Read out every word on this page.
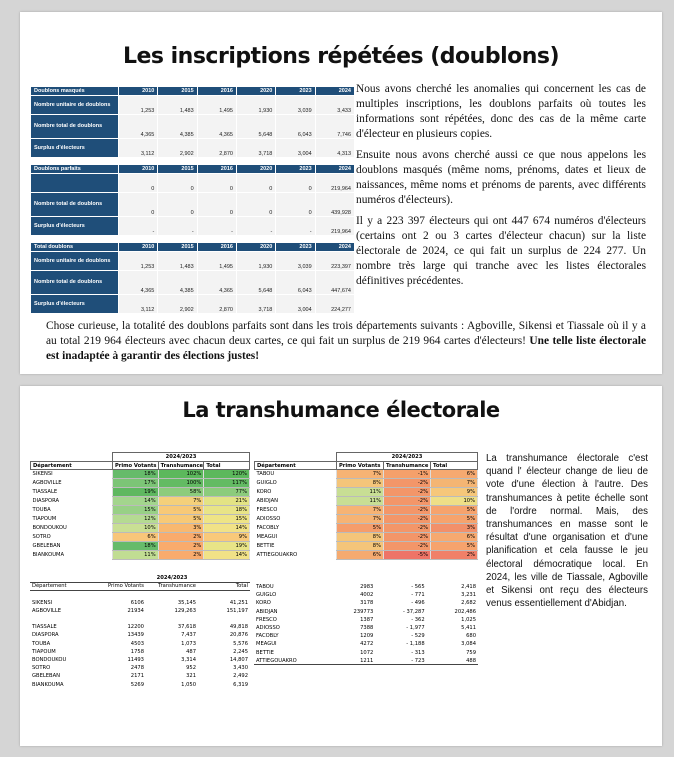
Les inscriptions répétées (doublons)
Doublons masqués	2010	2015	2016	2020	2023	2024
Nombre unitaire de doublons	1,253	1,483	1,495	1,930	3,039	3,433
Nombre total de doublons	4,365	4,385	4,365	5,648	6,043	7,746
Surplus d'électeurs	3,112	2,902	2,870	3,718	3,004	4,313
Doublons parfaits	2010	2015	2016	2020	2023	2024
	0	0	0	0	0	219,964
Nombre total de doublons	0	0	0	0	0	439,928
Surplus d'électeurs	-	-	-	-	-	219,964
Total doublons	2010	2015	2016	2020	2023	2024
Nombre unitaire de doublons	1,253	1,483	1,495	1,930	3,039	223,397
Nombre total de doublons	4,365	4,385	4,365	5,648	6,043	447,674
Surplus d'électeurs	3,112	2,902	2,870	3,718	3,004	224,277

Nous avons cherché les anomalies qui concernent les cas de multiples inscriptions, les doublons parfaits où toutes les informations sont répétées, donc des cas de la même carte d'électeur en plusieurs copies.

Ensuite nous avons cherché aussi ce que nous appelons les doublons masqués (même noms, prénoms, dates et lieux de naissances, même noms et prénoms de parents, avec différents numéros d'électeurs).

Il y a 223 397 électeurs qui ont 447 674 numéros d'électeurs (certains ont 2 ou 3 cartes d'électeur chacun) sur la liste électorale de 2024, ce qui fait un surplus de 224 277. Un nombre très large qui tranche avec les listes électorales définitives précédentes.

Chose curieuse, la totalité des doublons parfaits sont dans les trois départements suivants : Agboville, Sikensi et Tiassale où il y a au total 219 964 électeurs avec chacun deux cartes, ce qui fait un surplus de 219 964 cartes d'électeurs! Une telle liste électorale est inadaptée à garantir des élections justes!
La transhumance électorale
	2024/2023		
Département	Primo Votants	Transhumance	Total
SIKENSI	18%	102%	120%
AGBOVILLE	17%	100%	117%
TIASSALE	19%	58%	77%
DIASPORA	14%	7%	21%
TOUBA	15%	5%	18%
TIAPOUM	12%	5%	15%
BONDOUKOU	10%	3%	14%
SOTRO	6%	2%	9%
GBELEBAN	18%	2%	19%
BIANKOUMA	11%	2%	14%
	2024/2023		
Département	Primo Votants	Transhumance	Total
TABOU	7%	-1%	6%
GUIGLO	8%	-2%	7%
KORO	11%	-2%	9%
ABIDJAN	11%	-2%	10%
FRESCO	7%	-2%	5%
ADIOSSO	7%	-2%	5%
FACOBLY	5%	-2%	3%
MEAGUI	8%	-2%	6%
BETTIE	8%	-2%	5%
ATTIEGOUAKRO	6%	-5%	2%
	2024/2023		
Département	Primo Votants	Transhumance	Total

SIKENSI	6106	35,145	41,251
AGBOVILLE	21934	129,263	151,197

TIASSALE	12200	37,618	49,818
DIASPORA	13439	7,437	20,876
TOUBA	4503	1,073	5,576
TIAPOUM	1758	487	2,245
BONDOUKOU	11493	3,314	14,807
SOTRO	2478	952	3,430
GBELEBAN	2171	321	2,492
BIANKOUMA	5269	1,050	6,319
TABOU	2983	- 565	2,418
GUIGLO	4002	- 771	3,231
KORO	3178	- 496	2,682
ABIDJAN	239773	- 37,287	202,486
FRESCO	1387	- 362	1,025
ADIOSSO	7388	- 1,977	5,411
FACOBLY	1209	- 529	680
MEAGUI	4272	- 1,188	3,084
BETTIE	1072	- 313	759
ATTIEGOUAKRO	1211	- 723	488
La transhumance électorale c'est quand l' électeur change de lieu de vote d'une élection à l'autre. Des transhumances à petite échelle sont de l'ordre normal. Mais, des transhumances en masse sont le résultat d'une organisation et d'une planification et cela fausse le jeu électoral démocratique local. En 2024, les ville de Tiassale, Agboville et Sikensi ont reçu des électeurs venus essentiellement d'Abidjan.
